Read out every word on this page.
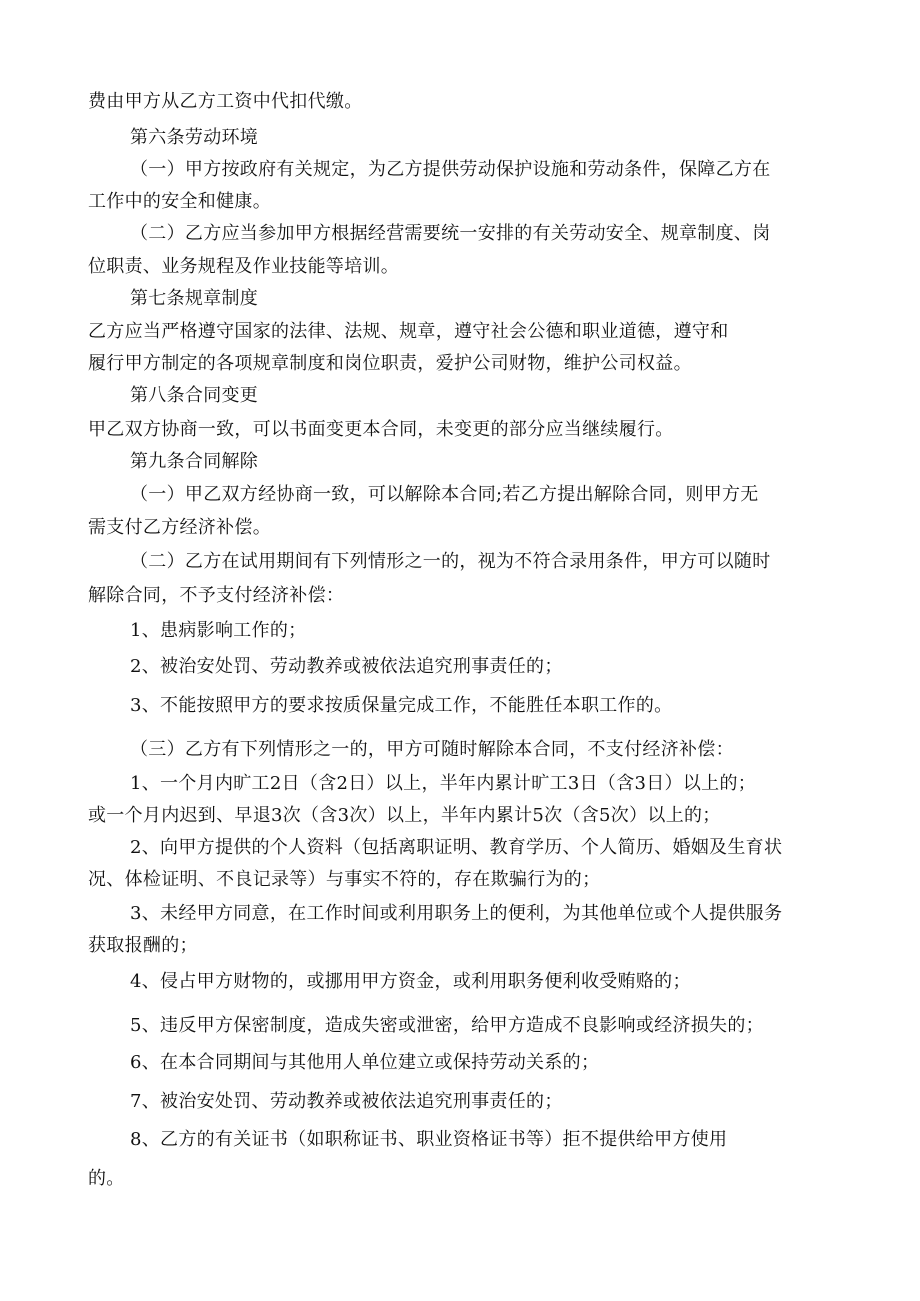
费由甲方从乙方工资中代扣代缴。
第六条劳动环境
（一）甲方按政府有关规定，为乙方提供劳动保护设施和劳动条件，保障乙方在
工作中的安全和健康。
（二）乙方应当参加甲方根据经营需要统一安排的有关劳动安全、规章制度、岗
位职责、业务规程及作业技能等培训。
第七条规章制度
乙方应当严格遵守国家的法律、法规、规章，遵守社会公德和职业道德，遵守和
履行甲方制定的各项规章制度和岗位职责，爱护公司财物，维护公司权益。
第八条合同变更
甲乙双方协商一致，可以书面变更本合同，未变更的部分应当继续履行。
第九条合同解除
（一）甲乙双方经协商一致，可以解除本合同;若乙方提出解除合同，则甲方无
需支付乙方经济补偿。
（二）乙方在试用期间有下列情形之一的，视为不符合录用条件，甲方可以随时
解除合同，不予支付经济补偿：
1、患病影响工作的；
2、被治安处罚、劳动教养或被依法追究刑事责任的；
3、不能按照甲方的要求按质保量完成工作，不能胜任本职工作的。
（三）乙方有下列情形之一的，甲方可随时解除本合同，不支付经济补偿：
1、一个月内旷工2日（含2日）以上，半年内累计旷工3日（含3日）以上的；
或一个月内迟到、早退3次（含3次）以上，半年内累计5次（含5次）以上的；
2、向甲方提供的个人资料（包括离职证明、教育学历、个人简历、婚姻及生育状
况、体检证明、不良记录等）与事实不符的，存在欺骗行为的；
3、未经甲方同意，在工作时间或利用职务上的便利，为其他单位或个人提供服务
获取报酬的；
4、侵占甲方财物的，或挪用甲方资金，或利用职务便利收受贿赂的；
5、违反甲方保密制度，造成失密或泄密，给甲方造成不良影响或经济损失的；
6、在本合同期间与其他用人单位建立或保持劳动关系的；
7、被治安处罚、劳动教养或被依法追究刑事责任的；
8、乙方的有关证书（如职称证书、职业资格证书等）拒不提供给甲方使用
的。
